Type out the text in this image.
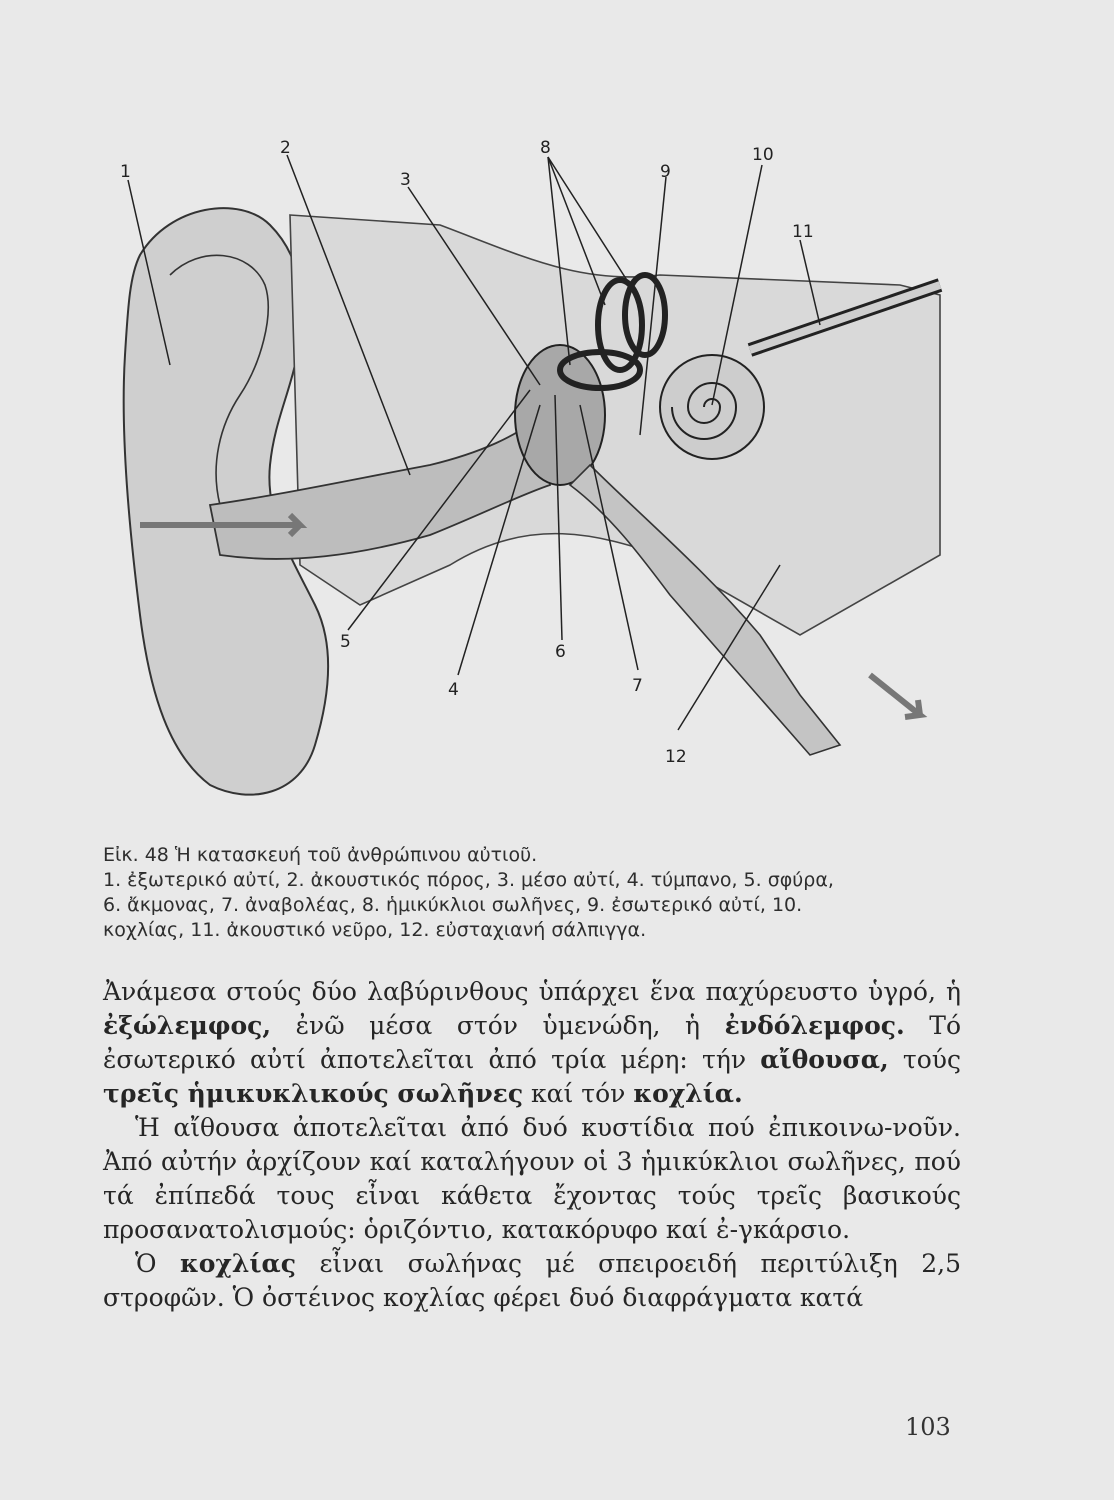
1
2
3
4
5	6
7
8
9
10
11
12
Εἰκ. 48 Ἡ κατασκευή τοῦ ἀνθρώπινου αὐτιοῦ.
1. ἐξωτερικό αὐτί, 2. ἀκουστικός πόρος, 3. μέσο αὐτί, 4. τύμπανο, 5. σφύρα,
6. ἄκμονας, 7. ἀναβολέας, 8. ἡμικύκλιοι σωλῆνες, 9. ἐσωτερικό αὐτί, 10.
κοχλίας, 11. ἀκουστικό νεῦρο, 12. εὐσταχιανή σάλπιγγα.

Ἀνάμεσα στούς δύο λαβύρινθους ὑπάρχει ἕνα παχύρευστο ὑγρό, ἡ ἐξώλεμφος, ἐνῶ μέσα στόν ὑμενώδη, ἡ ἐνδόλεμφος. Τό ἐσωτερικό αὐτί ἀποτελεῖται ἀπό τρία μέρη: τήν αἴθουσα, τούς τρεῖς ἡμικυκλικούς σωλῆνες καί τόν κοχλία.

Ἡ αἴθουσα ἀποτελεῖται ἀπό δυό κυστίδια πού ἐπικοινω-νοῦν. Ἀπό αὐτήν ἀρχίζουν καί καταλήγουν οἱ 3 ἡμικύκλιοι σωλῆνες, πού τά ἐπίπεδά τους εἶναι κάθετα ἔχοντας τούς τρεῖς βασικούς προσανατολισμούς: ὁριζόντιο, κατακόρυφο καί ἐ-γκάρσιο.

Ὁ κοχλίας εἶναι σωλήνας μέ σπειροειδή περιτύλιξη 2,5 στροφῶν. Ὁ ὀστέινος κοχλίας φέρει δυό διαφράγματα κατά

103
